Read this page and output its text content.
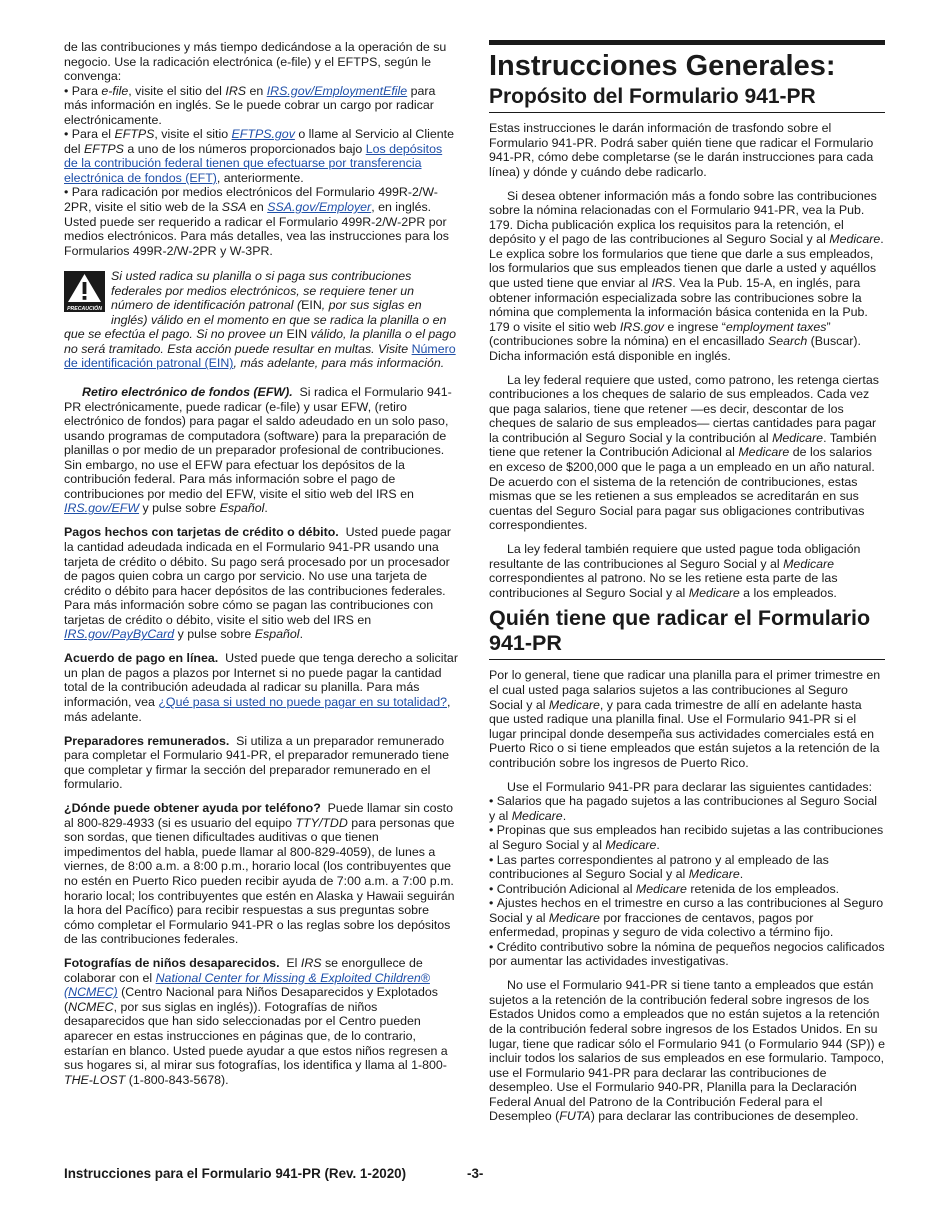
de las contribuciones y más tiempo dedicándose a la operación de su negocio. Use la radicación electrónica (e-file) y el EFTPS, según le convenga:

• Para e-file, visite el sitio del IRS en IRS.gov/EmploymentEfile para más información en inglés. Se le puede cobrar un cargo por radicar electrónicamente.
• Para el EFTPS, visite el sitio EFTPS.gov o llame al Servicio al Cliente del EFTPS a uno de los números proporcionados bajo Los depósitos de la contribución federal tienen que efectuarse por transferencia electrónica de fondos (EFT), anteriormente.
• Para radicación por medios electrónicos del Formulario 499R-2/W-2PR, visite el sitio web de la SSA en SSA.gov/Employer, en inglés. Usted puede ser requerido a radicar el Formulario 499R-2/W-2PR por medios electrónicos. Para más detalles, vea las instrucciones para los Formularios 499R-2/W-2PR y W-3PR.
PRECAUCIÓN
Si usted radica su planilla o si paga sus contribuciones federales por medios electrónicos, se requiere tener un número de identificación patronal (EIN, por sus siglas en inglés) válido en el momento en que se radica la planilla o en que se efectúa el pago. Si no provee un EIN válido, la planilla o el pago no será tramitado. Esta acción puede resultar en multas. Visite Número de identificación patronal (EIN), más adelante, para más información.

Retiro electrónico de fondos (EFW). Si radica el Formulario 941-PR electrónicamente, puede radicar (e-file) y usar EFW, (retiro electrónico de fondos) para pagar el saldo adeudado en un solo paso, usando programas de computadora (software) para la preparación de planillas o por medio de un preparador profesional de contribuciones. Sin embargo, no use el EFW para efectuar los depósitos de la contribución federal. Para más información sobre el pago de contribuciones por medio del EFW, visite el sitio web del IRS en IRS.gov/EFW y pulse sobre Español.

Pagos hechos con tarjetas de crédito o débito. Usted puede pagar la cantidad adeudada indicada en el Formulario 941-PR usando una tarjeta de crédito o débito. Su pago será procesado por un procesador de pagos quien cobra un cargo por servicio. No use una tarjeta de crédito o débito para hacer depósitos de las contribuciones federales. Para más información sobre cómo se pagan las contribuciones con tarjetas de crédito o débito, visite el sitio web del IRS en IRS.gov/PayByCard y pulse sobre Español.

Acuerdo de pago en línea. Usted puede que tenga derecho a solicitar un plan de pagos a plazos por Internet si no puede pagar la cantidad total de la contribución adeudada al radicar su planilla. Para más información, vea ¿Qué pasa si usted no puede pagar en su totalidad?, más adelante.

Preparadores remunerados. Si utiliza a un preparador remunerado para completar el Formulario 941-PR, el preparador remunerado tiene que completar y firmar la sección del preparador remunerado en el formulario.

¿Dónde puede obtener ayuda por teléfono? Puede llamar sin costo al 800-829-4933 (si es usuario del equipo TTY/TDD para personas que son sordas, que tienen dificultades auditivas o que tienen impedimentos del habla, puede llamar al 800-829-4059), de lunes a viernes, de 8:00 a.m. a 8:00 p.m., horario local (los contribuyentes que no estén en Puerto Rico pueden recibir ayuda de 7:00 a.m. a 7:00 p.m. horario local; los contribuyentes que estén en Alaska y Hawaii seguirán la hora del Pacífico) para recibir respuestas a sus preguntas sobre cómo completar el Formulario 941-PR o las reglas sobre los depósitos de las contribuciones federales.

Fotografías de niños desaparecidos. El IRS se enorgullece de colaborar con el National Center for Missing & Exploited Children® (NCMEC) (Centro Nacional para Niños Desaparecidos y Explotados (NCMEC, por sus siglas en inglés)). Fotografías de niños desaparecidos que han sido seleccionadas por el Centro pueden aparecer en estas instrucciones en páginas que, de lo contrario, estarían en blanco. Usted puede ayudar a que estos niños regresen a sus hogares si, al mirar sus fotografías, los identifica y llama al 1-800-THE-LOST (1-800-843-5678).

Instrucciones Generales:
Propósito del Formulario 941-PR

Estas instrucciones le darán información de trasfondo sobre el Formulario 941-PR. Podrá saber quién tiene que radicar el Formulario 941-PR, cómo debe completarse (se le darán instrucciones para cada línea) y dónde y cuándo debe radicarlo.

Si desea obtener información más a fondo sobre las contribuciones sobre la nómina relacionadas con el Formulario 941-PR, vea la Pub. 179. Dicha publicación explica los requisitos para la retención, el depósito y el pago de las contribuciones al Seguro Social y al Medicare. Le explica sobre los formularios que tiene que darle a sus empleados, los formularios que sus empleados tienen que darle a usted y aquéllos que usted tiene que enviar al IRS. Vea la Pub. 15-A, en inglés, para obtener información especializada sobre las contribuciones sobre la nómina que complementa la información básica contenida en la Pub. 179 o visite el sitio web IRS.gov e ingrese “employment taxes” (contribuciones sobre la nómina) en el encasillado Search (Buscar). Dicha información está disponible en inglés.

La ley federal requiere que usted, como patrono, les retenga ciertas contribuciones a los cheques de salario de sus empleados. Cada vez que paga salarios, tiene que retener —es decir, descontar de los cheques de salario de sus empleados— ciertas cantidades para pagar la contribución al Seguro Social y la contribución al Medicare. También tiene que retener la Contribución Adicional al Medicare de los salarios en exceso de $200,000 que le paga a un empleado en un año natural. De acuerdo con el sistema de la retención de contribuciones, estas mismas que se les retienen a sus empleados se acreditarán en sus cuentas del Seguro Social para pagar sus obligaciones contributivas correspondientes.

La ley federal también requiere que usted pague toda obligación resultante de las contribuciones al Seguro Social y al Medicare correspondientes al patrono. No se les retiene esta parte de las contribuciones al Seguro Social y al Medicare a los empleados.

Quién tiene que radicar el Formulario 941-PR

Por lo general, tiene que radicar una planilla para el primer trimestre en el cual usted paga salarios sujetos a las contribuciones al Seguro Social y al Medicare, y para cada trimestre de allí en adelante hasta que usted radique una planilla final. Use el Formulario 941-PR si el lugar principal donde desempeña sus actividades comerciales está en Puerto Rico o si tiene empleados que están sujetos a la retención de la contribución sobre los ingresos de Puerto Rico.

Use el Formulario 941-PR para declarar las siguientes cantidades:

• Salarios que ha pagado sujetos a las contribuciones al Seguro Social y al Medicare.
• Propinas que sus empleados han recibido sujetas a las contribuciones al Seguro Social y al Medicare.
• Las partes correspondientes al patrono y al empleado de las contribuciones al Seguro Social y al Medicare.
• Contribución Adicional al Medicare retenida de los empleados.
• Ajustes hechos en el trimestre en curso a las contribuciones al Seguro Social y al Medicare por fracciones de centavos, pagos por enfermedad, propinas y seguro de vida colectivo a término fijo.
• Crédito contributivo sobre la nómina de pequeños negocios calificados por aumentar las actividades investigativas.

No use el Formulario 941-PR si tiene tanto a empleados que están sujetos a la retención de la contribución federal sobre ingresos de los Estados Unidos como a empleados que no están sujetos a la retención de la contribución federal sobre ingresos de los Estados Unidos. En su lugar, tiene que radicar sólo el Formulario 941 (o Formulario 944 (SP)) e incluir todos los salarios de sus empleados en ese formulario. Tampoco, use el Formulario 941-PR para declarar las contribuciones de desempleo. Use el Formulario 940-PR, Planilla para la Declaración Federal Anual del Patrono de la Contribución Federal para el Desempleo (FUTA) para declarar las contribuciones de desempleo.

Instrucciones para el Formulario 941-PR (Rev. 1-2020)	-3-
